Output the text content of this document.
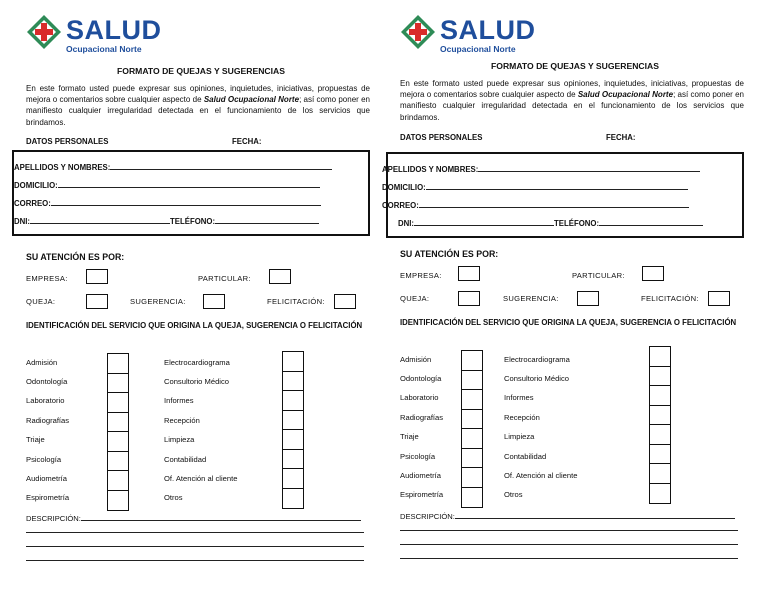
SALUD
Ocupacional Norte
FORMATO DE QUEJAS Y SUGERENCIAS
En este formato usted puede expresar sus opiniones, inquietudes, iniciativas, propuestas de mejora o comentarios sobre cualquier aspecto de Salud Ocupacional Norte; así como poner en manifiesto cualquier irregularidad detectada en el funcionamiento de los servicios que brindamos.
DATOS PERSONALES	FECHA:
APELLIDOS Y NOMBRES:
DOMICILIO:
CORREO:
DNI:	TELÉFONO:
SU ATENCIÓN ES POR:
EMPRESA:	PARTICULAR:
QUEJA:	SUGERENCIA:	FELICITACIÓN:
IDENTIFICACIÓN DEL SERVICIO QUE ORIGINA LA QUEJA, SUGERENCIA O FELICITACIÓN
Admisión
Odontología
Laboratorio
Radiografías
Triaje
Psicología
Audiometría
Espirometría
Electrocardiograma
Consultorio Médico
Informes
Recepción
Limpieza
Contabilidad
Of. Atención al cliente
Otros
DESCRIPCIÓN:
SALUD
Ocupacional Norte
FORMATO DE QUEJAS Y SUGERENCIAS
En este formato usted puede expresar sus opiniones, inquietudes, iniciativas, propuestas de mejora o comentarios sobre cualquier aspecto de Salud Ocupacional Norte; así como poner en manifiesto cualquier irregularidad detectada en el funcionamiento de los servicios que brindamos.
DATOS PERSONALES	FECHA:
APELLIDOS Y NOMBRES:
DOMICILIO:
CORREO:
DNI:	TELÉFONO:
SU ATENCIÓN ES POR:
EMPRESA:	PARTICULAR:
QUEJA:	SUGERENCIA:	FELICITACIÓN:
IDENTIFICACIÓN DEL SERVICIO QUE ORIGINA LA QUEJA, SUGERENCIA O FELICITACIÓN
Admisión
Odontología
Laboratorio
Radiografías
Triaje
Psicología
Audiometría
Espirometría
Electrocardiograma
Consultorio Médico
Informes
Recepción
Limpieza
Contabilidad
Of. Atención al cliente
Otros
DESCRIPCIÓN:
